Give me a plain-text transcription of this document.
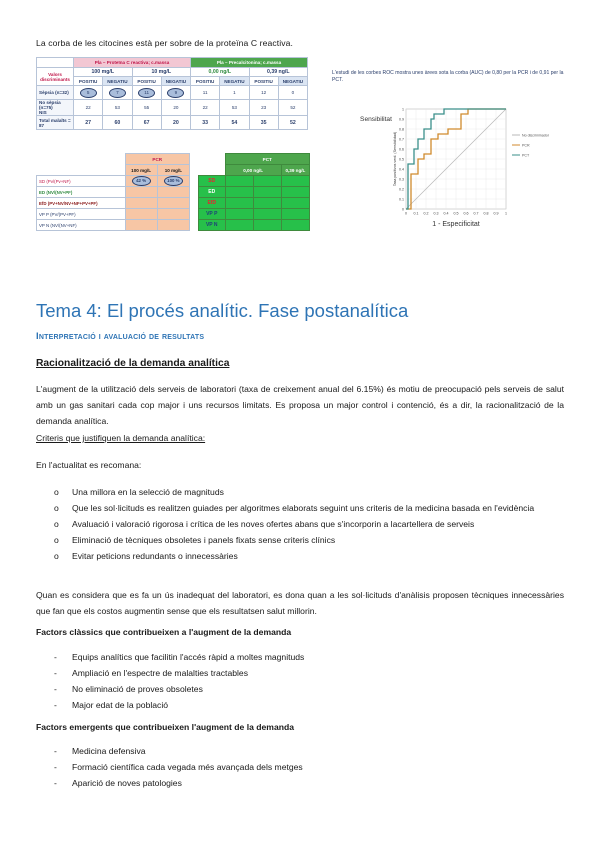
La corba de les citocines està per sobre de la proteïna C reactiva.
	Pla – Proteïna C reactiva; c.massa				Pla – Precalcitonina; c.massa			
Valors discriminants	100 mg/L		10 mg/L		0,00 ng/L		0,39 ng/L	
	POSITIU	NEGATIU	POSITIU	NEGATIU	POSITIU	NEGATIU	POSITIU	NEGATIU
Sèpsia (n=32)	5	7	11	9	11	1	12	0
No sèpsia (n=75)
NIS	22	53	55	20	22	53	23	52
Total malalts = 87	27	60	67	20	33	54	35	52
	PCR	
	100 mg/L	10 mg/L
SD (Pv/(Pv+NF)	42 %	100 %
ED (NV/(NV+PF)		
EfD (PV+NV/NV+NF+PV+PF)		
VP P (PV/(PV+PF)		
VP N (NV/(NV+NF)		
	PCT		
	0,00 ng/L		0,39 ng/L
SD			
ED			
EfD			
VP P			
VP N			
L'estudi de les corbes ROC mostra unes àrees sota la corba (AUC) de 0,80 per la PCR i de 0,91 per la PCT.
0 0.1 0.2 0.3 0.4 0.5 0.6 0.7 0.8 0.9 1
0
0.1
0.2
0.3
0.4
0.5
0.6
0.7
0.8
0.9
1
No discriminador
PCR
PCT
1 - Especificitat
Sensibilitat
Tasa positivos verd. (Sensibilidad)
Tema 4: El procés analític. Fase postanalítica
Interpretació i avaluació de resultats
Racionalització de la demanda analítica
L'augment de la utilització dels serveis de laboratori (taxa de creixement anual del 6.15%) és motiu de preocupació pels serveis de salut amb un gas sanitari cada cop major i uns recursos limitats. Es proposa un major control i contenció, és a dir, la racionalització de la demanda analítica.
Criteris que justifiquen la demanda analítica:
En l'actualitat es recomana:
o Una millora en la selecció de magnituds
o Que les sol·licituds es realitzen guiades per algoritmes elaborats seguint uns criteris de la medicina basada en l'evidència
o Avaluació i valoració rigorosa i crítica de les noves ofertes abans que s'incorporin a lacartellera de serveis
o Eliminació de tècniques obsoletes i panels fixats sense criteris clínics
o Evitar peticions redundants o innecessàries
Quan es considera que es fa un ús inadequat del laboratori, es dona quan a les sol·licituds d'anàlisis proposen tècniques innecessàries que fan que els costos augmentin sense que els resultatsen salut millorin.
Factors clàssics que contribueixen a l'augment de la demanda
- Equips analítics que facilitin l'accés ràpid a moltes magnituds
- Ampliació en l'espectre de malalties tractables
- No eliminació de proves obsoletes
- Major edat de la població
Factors emergents que contribueixen l'augment de la demanda
- Medicina defensiva
- Formació científica cada vegada més avançada dels metges
- Aparició de noves patologies
